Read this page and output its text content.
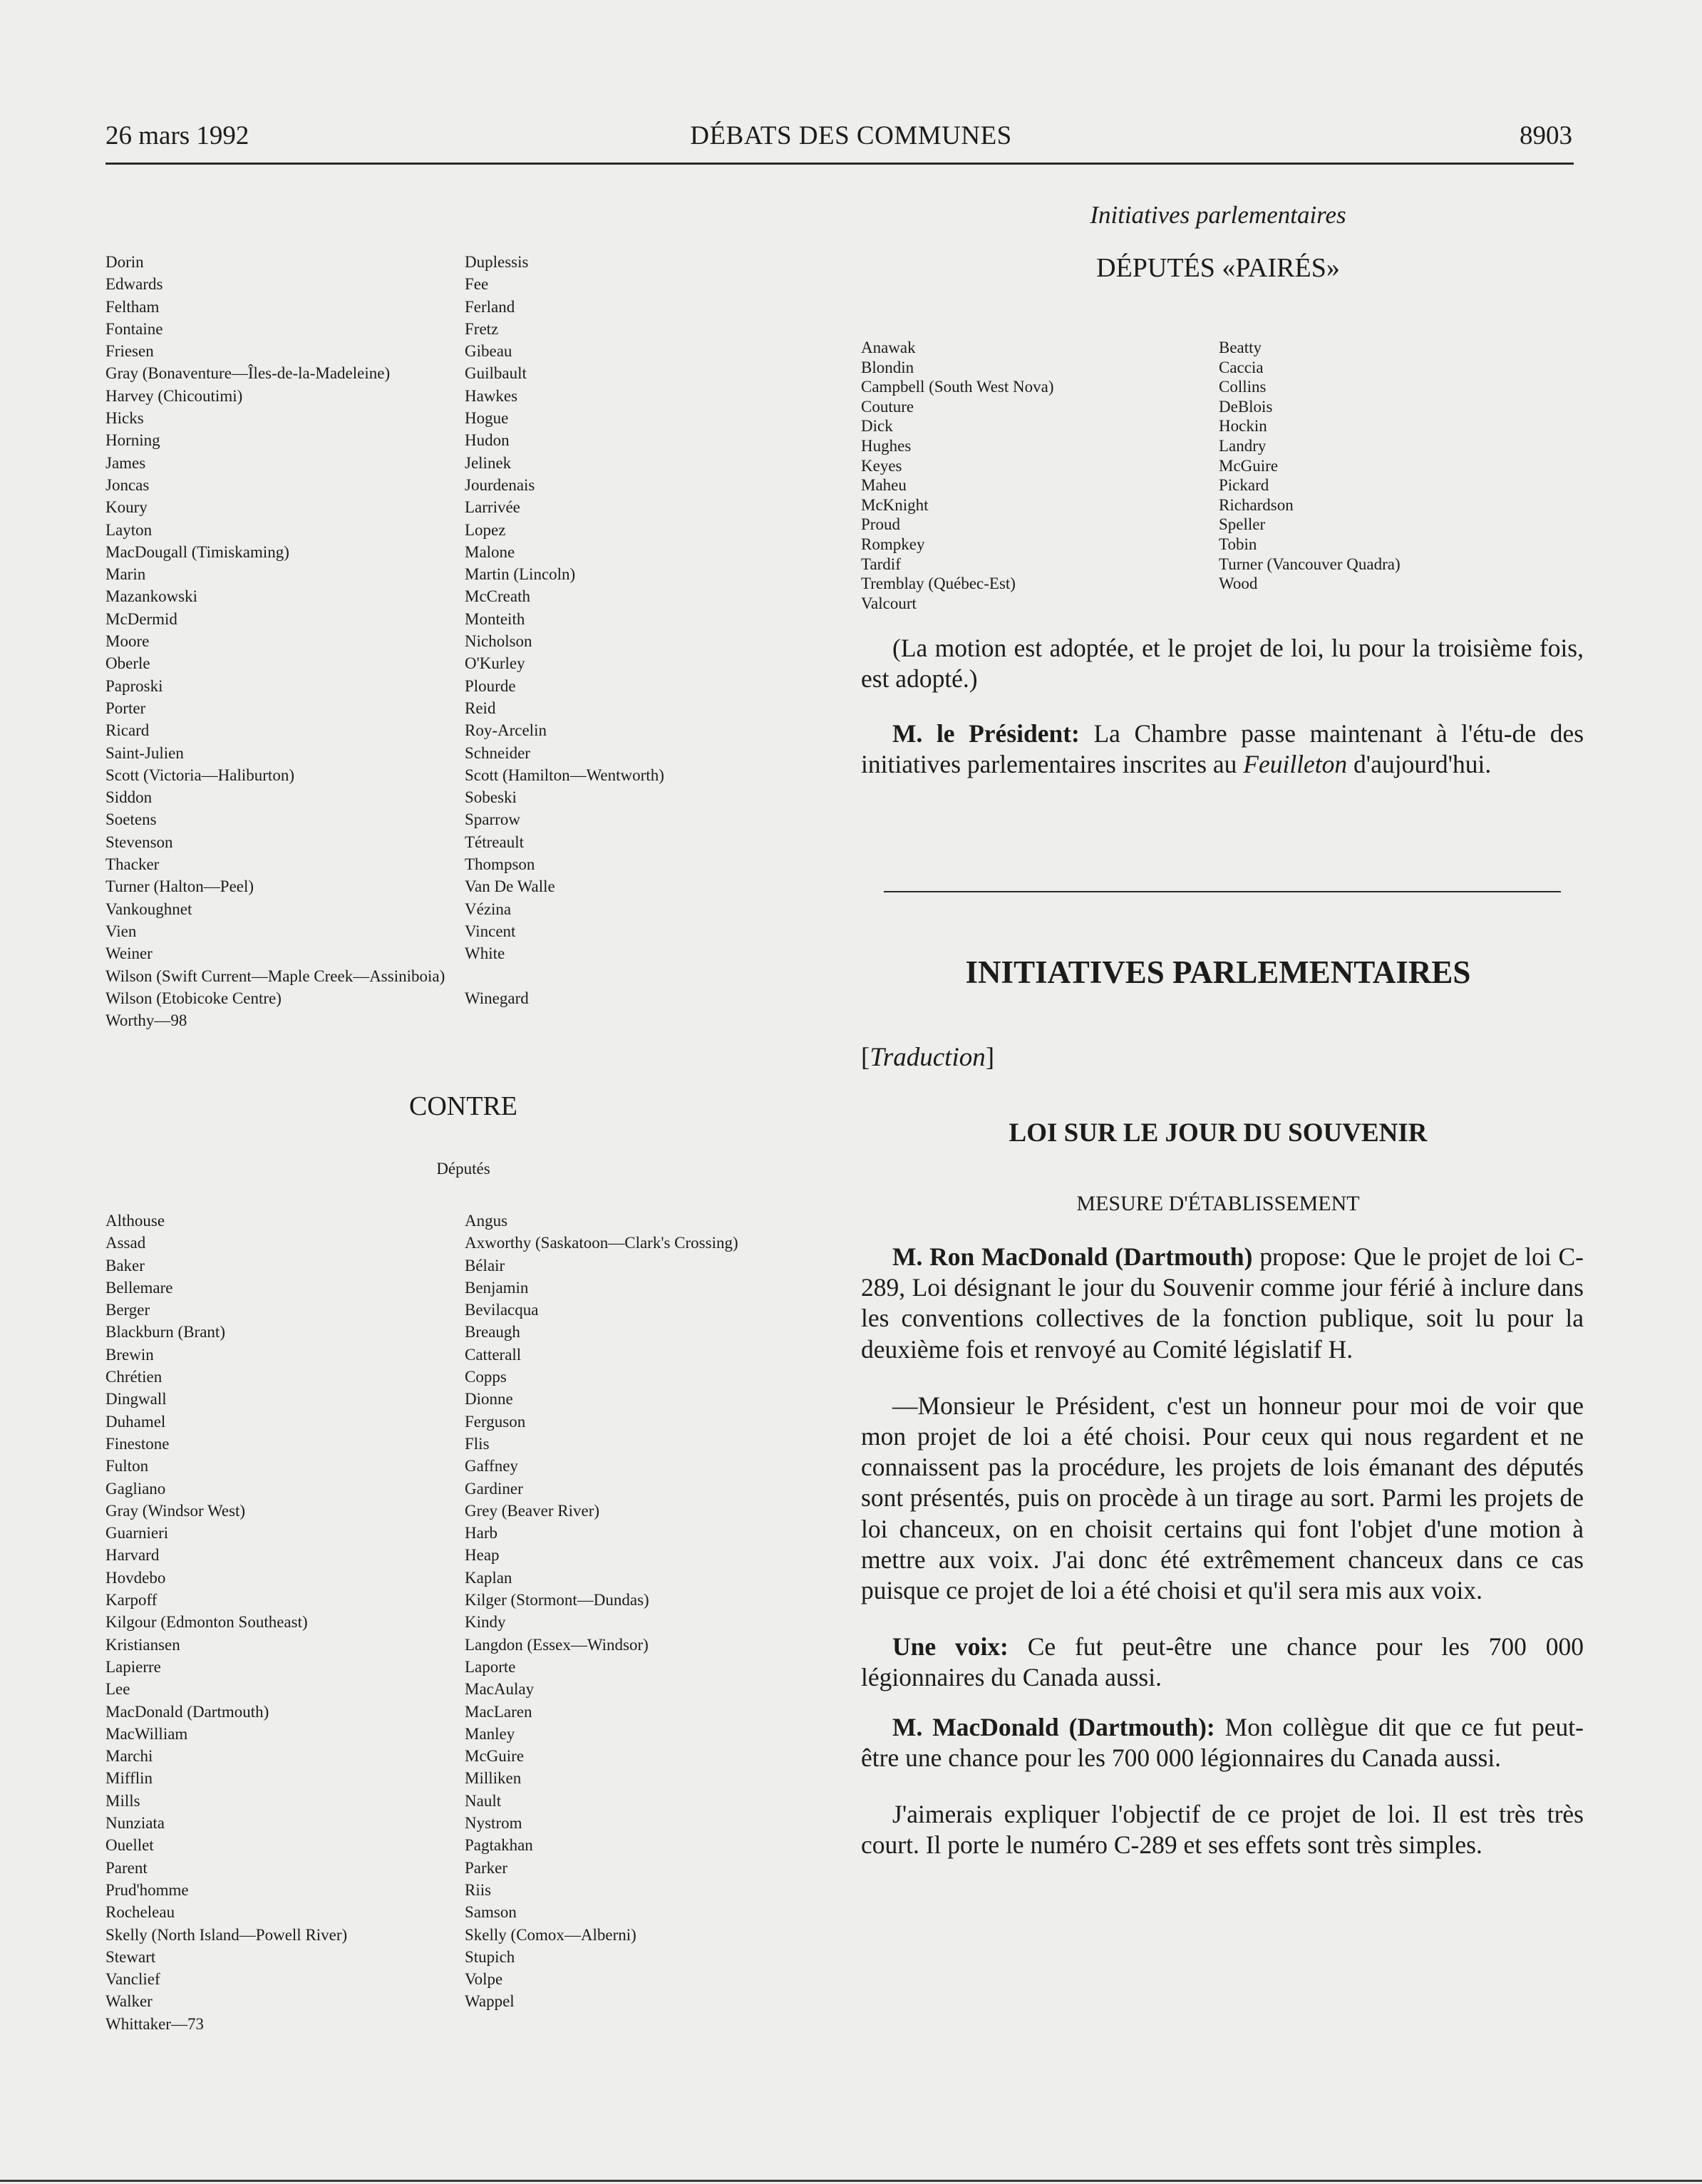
26 mars 1992	DÉBATS DES COMMUNES	8903
Dorin
Edwards
Feltham
Fontaine
Friesen
Gray (Bonaventure—Îles-de-la-Madeleine)
Harvey (Chicoutimi)
Hicks
Horning
James
Joncas
Koury
Layton
MacDougall (Timiskaming)
Marin
Mazankowski
McDermid
Moore
Oberle
Paproski
Porter
Ricard
Saint-Julien
Scott (Victoria—Haliburton)
Siddon
Soetens
Stevenson
Thacker
Turner (Halton—Peel)
Vankoughnet
Vien
Weiner
Wilson (Swift Current—Maple Creek—Assiniboia)
Wilson (Etobicoke Centre)
Worthy—98
Duplessis
Fee
Ferland
Fretz
Gibeau
Guilbault
Hawkes
Hogue
Hudon
Jelinek
Jourdenais
Larrivée
Lopez
Malone
Martin (Lincoln)
McCreath
Monteith
Nicholson
O'Kurley
Plourde
Reid
Roy-Arcelin
Schneider
Scott (Hamilton—Wentworth)
Sobeski
Sparrow
Tétreault
Thompson
Van De Walle
Vézina
Vincent
White

Winegard
CONTRE
Députés
Althouse
Assad
Baker
Bellemare
Berger
Blackburn (Brant)
Brewin
Chrétien
Dingwall
Duhamel
Finestone
Fulton
Gagliano
Gray (Windsor West)
Guarnieri
Harvard
Hovdebo
Karpoff
Kilgour (Edmonton Southeast)
Kristiansen
Lapierre
Lee
MacDonald (Dartmouth)
MacWilliam
Marchi
Mifflin
Mills
Nunziata
Ouellet
Parent
Prud'homme
Rocheleau
Skelly (North Island—Powell River)
Stewart
Vanclief
Walker
Whittaker—73
Angus
Axworthy (Saskatoon—Clark's Crossing)
Bélair
Benjamin
Bevilacqua
Breaugh
Catterall
Copps
Dionne
Ferguson
Flis
Gaffney
Gardiner
Grey (Beaver River)
Harb
Heap
Kaplan
Kilger (Stormont—Dundas)
Kindy
Langdon (Essex—Windsor)
Laporte
MacAulay
MacLaren
Manley
McGuire
Milliken
Nault
Nystrom
Pagtakhan
Parker
Riis
Samson
Skelly (Comox—Alberni)
Stupich
Volpe
Wappel
Initiatives parlementaires
DÉPUTÉS «PAIRÉS»
Anawak
Blondin
Campbell (South West Nova)
Couture
Dick
Hughes
Keyes
Maheu
McKnight
Proud
Rompkey
Tardif
Tremblay (Québec-Est)
Valcourt
Beatty
Caccia
Collins
DeBlois
Hockin
Landry
McGuire
Pickard
Richardson
Speller
Tobin
Turner (Vancouver Quadra)
Wood

(La motion est adoptée, et le projet de loi, lu pour la troisième fois, est adopté.)

M. le Président: La Chambre passe maintenant à l'étu-de des initiatives parlementaires inscrites au Feuilleton d'aujourd'hui.

INITIATIVES PARLEMENTAIRES
[Traduction]
LOI SUR LE JOUR DU SOUVENIR
MESURE D'ÉTABLISSEMENT

M. Ron MacDonald (Dartmouth) propose: Que le projet de loi C-289, Loi désignant le jour du Souvenir comme jour férié à inclure dans les conventions collectives de la fonction publique, soit lu pour la deuxième fois et renvoyé au Comité législatif H.

—Monsieur le Président, c'est un honneur pour moi de voir que mon projet de loi a été choisi. Pour ceux qui nous regardent et ne connaissent pas la procédure, les projets de lois émanant des députés sont présentés, puis on procède à un tirage au sort. Parmi les projets de loi chanceux, on en choisit certains qui font l'objet d'une motion à mettre aux voix. J'ai donc été extrêmement chanceux dans ce cas puisque ce projet de loi a été choisi et qu'il sera mis aux voix.

Une voix: Ce fut peut-être une chance pour les 700 000 légionnaires du Canada aussi.

M. MacDonald (Dartmouth): Mon collègue dit que ce fut peut-être une chance pour les 700 000 légionnaires du Canada aussi.

J'aimerais expliquer l'objectif de ce projet de loi. Il est très très court. Il porte le numéro C-289 et ses effets sont très simples.
